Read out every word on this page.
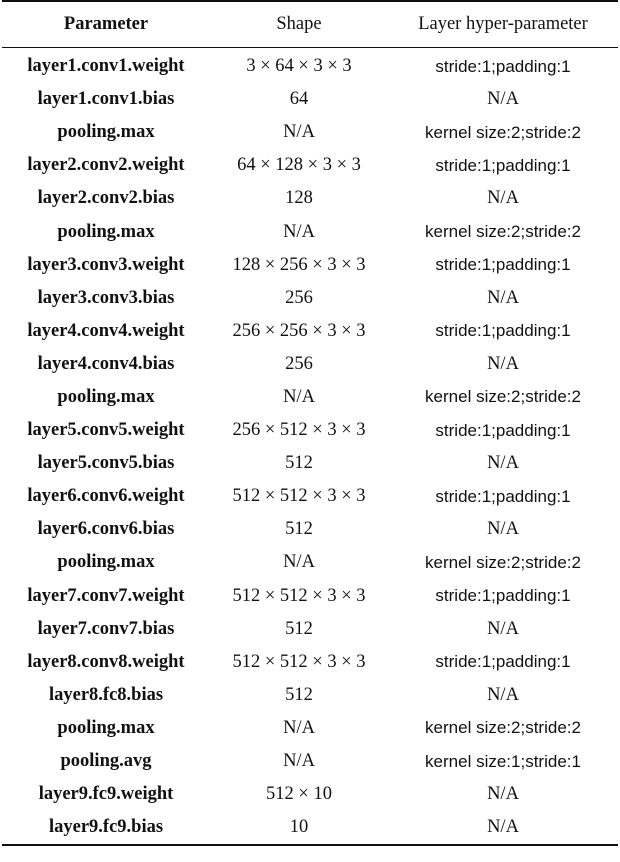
Parameter	Shape	Layer hyper-parameter
layer1.conv1.weight	3 × 64 × 3 × 3	stride:1;padding:1
layer1.conv1.bias	64	N/A
pooling.max	N/A	kernel size:2;stride:2
layer2.conv2.weight	64 × 128 × 3 × 3	stride:1;padding:1
layer2.conv2.bias	128	N/A
pooling.max	N/A	kernel size:2;stride:2
layer3.conv3.weight	128 × 256 × 3 × 3	stride:1;padding:1
layer3.conv3.bias	256	N/A
layer4.conv4.weight	256 × 256 × 3 × 3	stride:1;padding:1
layer4.conv4.bias	256	N/A
pooling.max	N/A	kernel size:2;stride:2
layer5.conv5.weight	256 × 512 × 3 × 3	stride:1;padding:1
layer5.conv5.bias	512	N/A
layer6.conv6.weight	512 × 512 × 3 × 3	stride:1;padding:1
layer6.conv6.bias	512	N/A
pooling.max	N/A	kernel size:2;stride:2
layer7.conv7.weight	512 × 512 × 3 × 3	stride:1;padding:1
layer7.conv7.bias	512	N/A
layer8.conv8.weight	512 × 512 × 3 × 3	stride:1;padding:1
layer8.fc8.bias	512	N/A
pooling.max	N/A	kernel size:2;stride:2
pooling.avg	N/A	kernel size:1;stride:1
layer9.fc9.weight	512 × 10	N/A
layer9.fc9.bias	10	N/A
